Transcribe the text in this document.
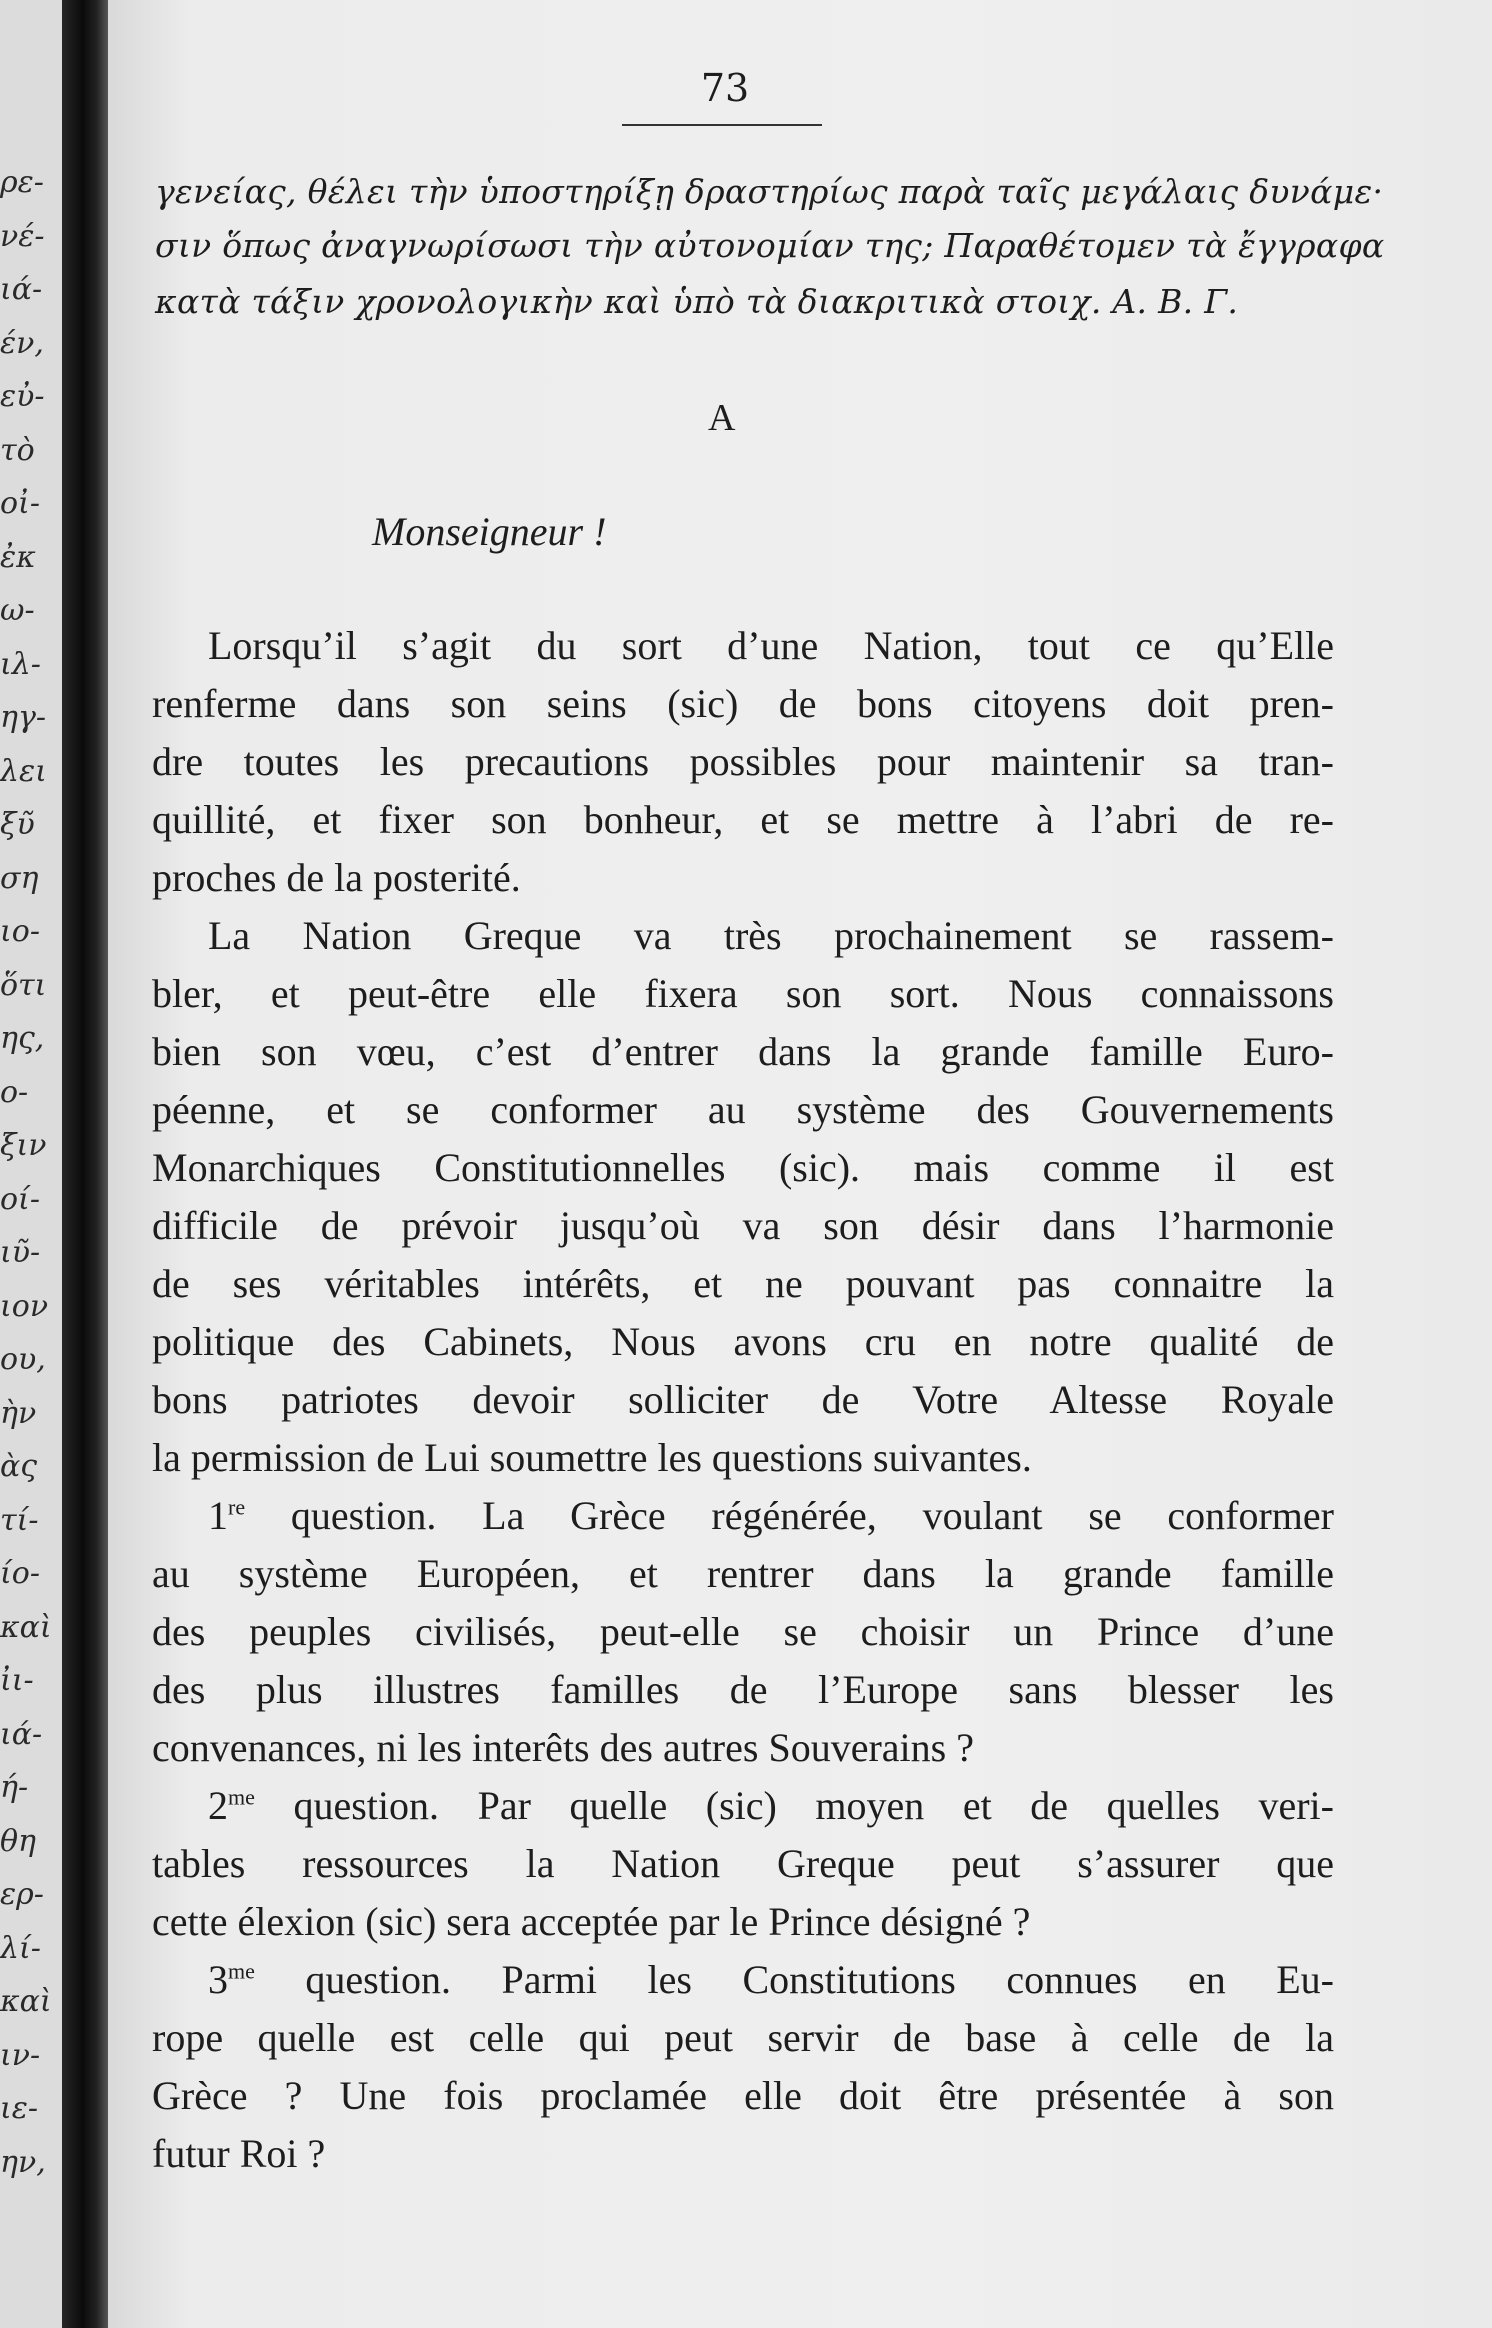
ρε-
νέ-
ιά-
έν,
εὐ-
τὸ
οἰ-
ἐκ
ω-
ιλ-
ηγ-
λει
ξῦ
ση
ιο-
ὅτι
ης,
ο-
ξιν
οί-
ιῦ-
ιον
ου,
ὴν
ὰς
τί-
ίο-
καὶ
ἰι-
ιά-
ή-
θη
ερ-
λί-
καὶ
ιν-
ιε-
ην,
73
γενείας, θέλει τὴν ὑποστηρίξῃ δραστηρίως παρὰ ταῖς μεγάλαις δυνάμε·
σιν ὅπως ἀναγνωρίσωσι τὴν αὐτονομίαν της; Παραθέτομεν τὰ ἔγγραφα
κατὰ τάξιν χρονολογικὴν καὶ ὑπὸ τὰ διακριτικὰ στοιχ. Α. Β. Γ.
A
Monseigneur !
Lorsqu’il s’agit du sort d’une Nation, tout ce qu’Elle
renferme dans son seins (sic) de bons citoyens doit pren-
dre toutes les precautions possibles pour maintenir sa tran-
quillité, et fixer son bonheur, et se mettre à l’abri de re-
proches de la posterité.
La Nation Greque va très prochainement se rassem-
bler, et peut-être elle fixera son sort. Nous connaissons
bien son vœu, c’est d’entrer dans la grande famille Euro-
péenne, et se conformer au système des Gouvernements
Monarchiques Constitutionnelles (sic). mais comme il est
difficile de prévoir jusqu’où va son désir dans l’harmonie
de ses véritables intérêts, et ne pouvant pas connaitre la
politique des Cabinets, Nous avons cru en notre qualité de
bons patriotes devoir solliciter de Votre Altesse Royale
la permission de Lui soumettre les questions suivantes.
1re question. La Grèce régénérée, voulant se conformer
au système Européen, et rentrer dans la grande famille
des peuples civilisés, peut-elle se choisir un Prince d’une
des plus illustres familles de l’Europe sans blesser les
convenances, ni les interêts des autres Souverains ?
$2^{me}$ question. Par quelle (sic) moyen et de quelles veri-
tables ressources la Nation Greque peut s’assurer que
cette élexion (sic) sera acceptée par le Prince désigné ?
$3^{me}$ question. Parmi les Constitutions connues en Eu-
rope quelle est celle qui peut servir de base à celle de la
Grèce ? Une fois proclamée elle doit être présentée à son
futur Roi ?
